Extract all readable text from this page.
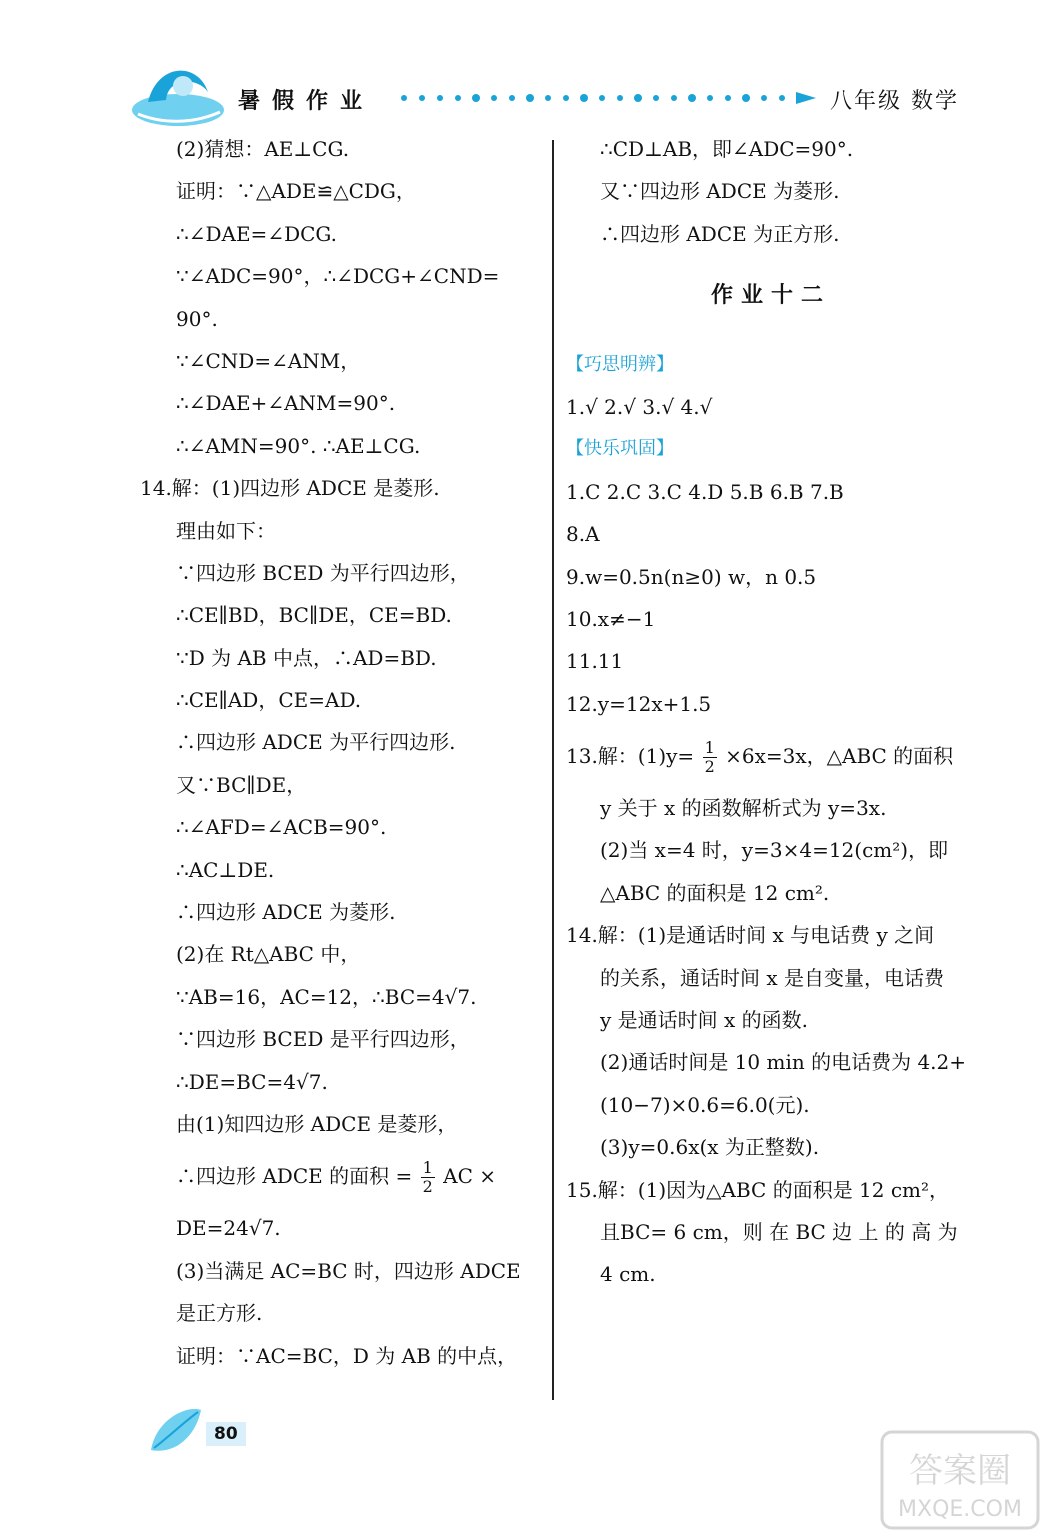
暑假作业	八年级 数学
(2)猜想：AE⊥CG.
证明：∵△ADE≌△CDG，
∴∠DAE=∠DCG.
∵∠ADC=90°，∴∠DCG+∠CND=
90°.
∵∠CND=∠ANM，
∴∠DAE+∠ANM=90°.
∴∠AMN=90°. ∴AE⊥CG.
14.解：(1)四边形 ADCE 是菱形.
理由如下：
∵四边形 BCED 为平行四边形，
∴CE∥BD，BC∥DE，CE=BD.
∵D 为 AB 中点，∴AD=BD.
∴CE∥AD，CE=AD.
∴四边形 ADCE 为平行四边形.
又∵BC∥DE，
∴∠AFD=∠ACB=90°.
∴AC⊥DE.
∴四边形 ADCE 为菱形.
(2)在 Rt△ABC 中，
∵AB=16，AC=12，∴BC=4√7.
∵四边形 BCED 是平行四边形，
∴DE=BC=4√7.
由(1)知四边形 ADCE 是菱形，
∴四边形 ADCE 的面积 = $\frac{1}{2}$ AC ×
DE=24√7.
(3)当满足 AC=BC 时，四边形 ADCE
是正方形.
证明：∵AC=BC，D 为 AB 的中点，
∴CD⊥AB，即∠ADC=90°.
又∵四边形 ADCE 为菱形.
∴四边形 ADCE 为正方形.
作业十二
【巧思明辨】
1.√ 2.√ 3.√ 4.√
【快乐巩固】
1.C 2.C 3.C 4.D 5.B 6.B 7.B
8.A
9.w=0.5n(n≥0) w，n 0.5
10.x≠−1
11.11
12.y=12x+1.5
13.解：$(1)y= \frac{1}{2} \times 6x=3x$，△ABC 的面积
y 关于 x 的函数解析式为 y=3x.
(2)当 x=4 时，y=3×4=12(cm²)，即
△ABC 的面积是 12 cm².
14.解：(1)是通话时间 x 与电话费 y 之间
的关系，通话时间 x 是自变量，电话费
y 是通话时间 x 的函数.
(2)通话时间是 10 min 的电话费为 4.2+
(10−7)×0.6=6.0(元).
(3)y=0.6x(x 为正整数).
15.解：(1)因为△ABC 的面积是 12 cm²，
且BC= 6 cm，则 在 BC 边 上 的 高 为
4 cm.
80
答案圈
MXQE.COM
